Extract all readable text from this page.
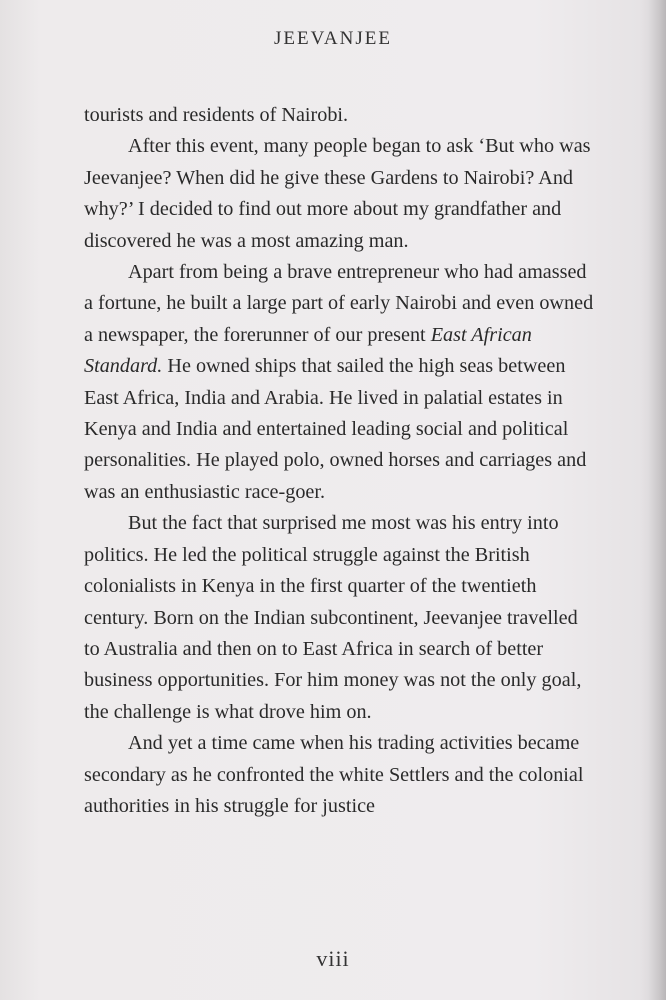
JEEVANJEE

tourists and residents of Nairobi.

After this event, many people began to ask ‘But who was Jeevanjee? When did he give these Gardens to Nairobi? And why?’ I decided to find out more about my grandfather and discovered he was a most amazing man.

Apart from being a brave entrepreneur who had amassed a fortune, he built a large part of early Nairobi and even owned a newspaper, the forerunner of our present East African Standard. He owned ships that sailed the high seas between East Africa, India and Arabia. He lived in palatial estates in Kenya and India and entertained leading social and political personalities. He played polo, owned horses and carriages and was an enthusiastic race-goer.

But the fact that surprised me most was his entry into politics. He led the political struggle against the British colonialists in Kenya in the first quarter of the twentieth century. Born on the Indian subcontinent, Jeevanjee travelled to Australia and then on to East Africa in search of better business opportunities. For him money was not the only goal, the challenge is what drove him on.

And yet a time came when his trading activities became secondary as he confronted the white Settlers and the colonial authorities in his struggle for justice

viii
